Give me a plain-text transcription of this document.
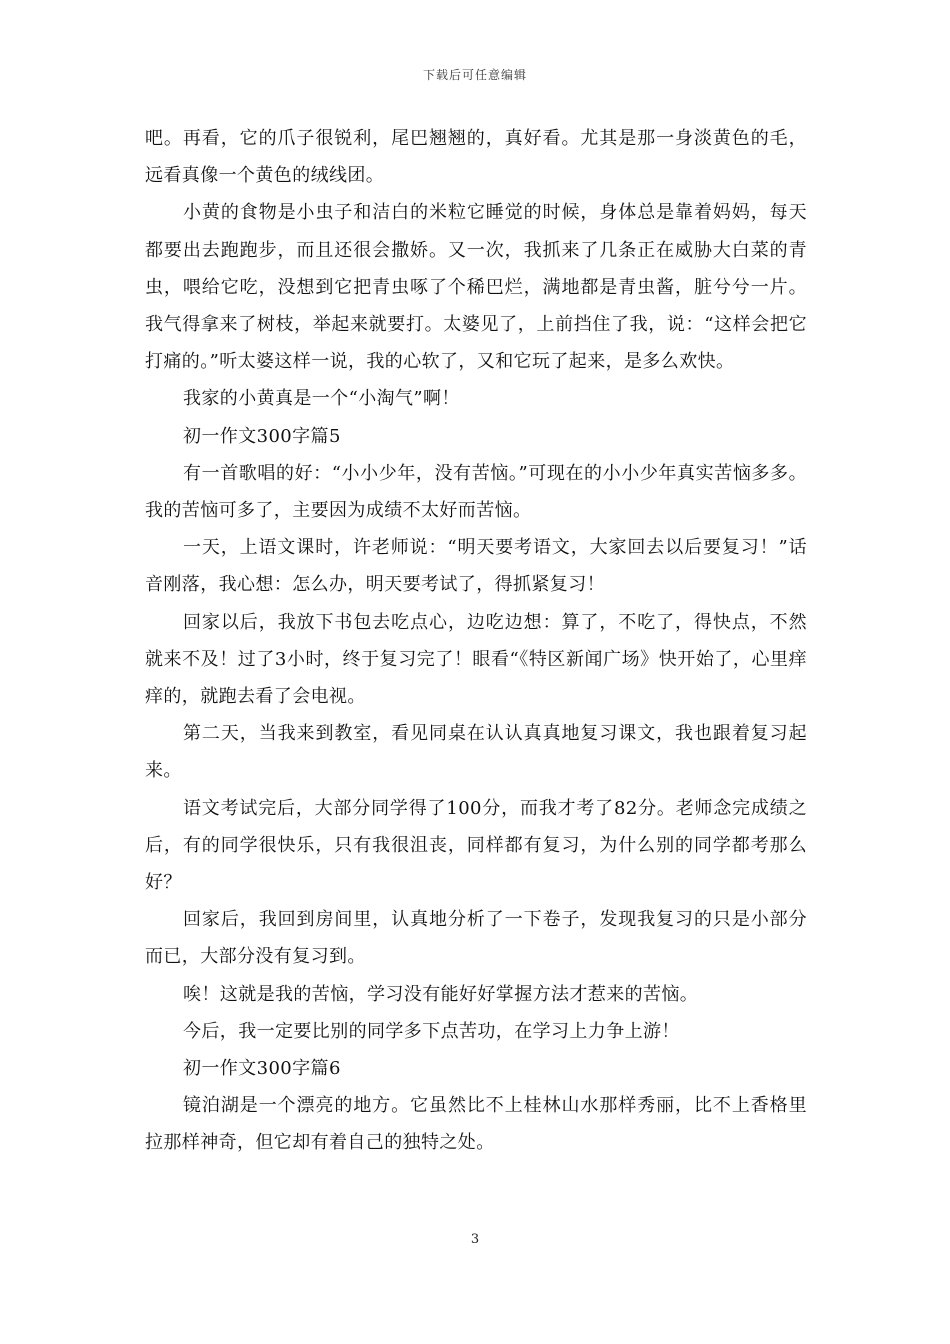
下载后可任意编辑

吧。再看，它的爪子很锐利，尾巴翘翘的，真好看。尤其是那一身淡黄色的毛，远看真像一个黄色的绒线团。

小黄的食物是小虫子和洁白的米粒它睡觉的时候，身体总是靠着妈妈，每天都要出去跑跑步，而且还很会撒娇。又一次，我抓来了几条正在威胁大白菜的青虫，喂给它吃，没想到它把青虫啄了个稀巴烂，满地都是青虫酱，脏兮兮一片。我气得拿来了树枝，举起来就要打。太婆见了，上前挡住了我，说：“这样会把它打痛的。”听太婆这样一说，我的心软了，又和它玩了起来，是多么欢快。

我家的小黄真是一个“小淘气”啊！

初一作文300字篇5

有一首歌唱的好：“小小少年，没有苦恼。”可现在的小小少年真实苦恼多多。我的苦恼可多了，主要因为成绩不太好而苦恼。

一天，上语文课时，许老师说：“明天要考语文，大家回去以后要复习！”话音刚落，我心想：怎么办，明天要考试了，得抓紧复习！

回家以后，我放下书包去吃点心，边吃边想：算了，不吃了，得快点，不然就来不及！过了3小时，终于复习完了！眼看“《特区新闻广场》快开始了，心里痒痒的，就跑去看了会电视。

第二天，当我来到教室，看见同桌在认认真真地复习课文，我也跟着复习起来。

语文考试完后，大部分同学得了100分，而我才考了82分。老师念完成绩之后，有的同学很快乐，只有我很沮丧，同样都有复习，为什么别的同学都考那么好？

回家后，我回到房间里，认真地分析了一下卷子，发现我复习的只是小部分而已，大部分没有复习到。

唉！这就是我的苦恼，学习没有能好好掌握方法才惹来的苦恼。

今后，我一定要比别的同学多下点苦功，在学习上力争上游！

初一作文300字篇6

镜泊湖是一个漂亮的地方。它虽然比不上桂林山水那样秀丽，比不上香格里拉那样神奇，但它却有着自己的独特之处。

3
